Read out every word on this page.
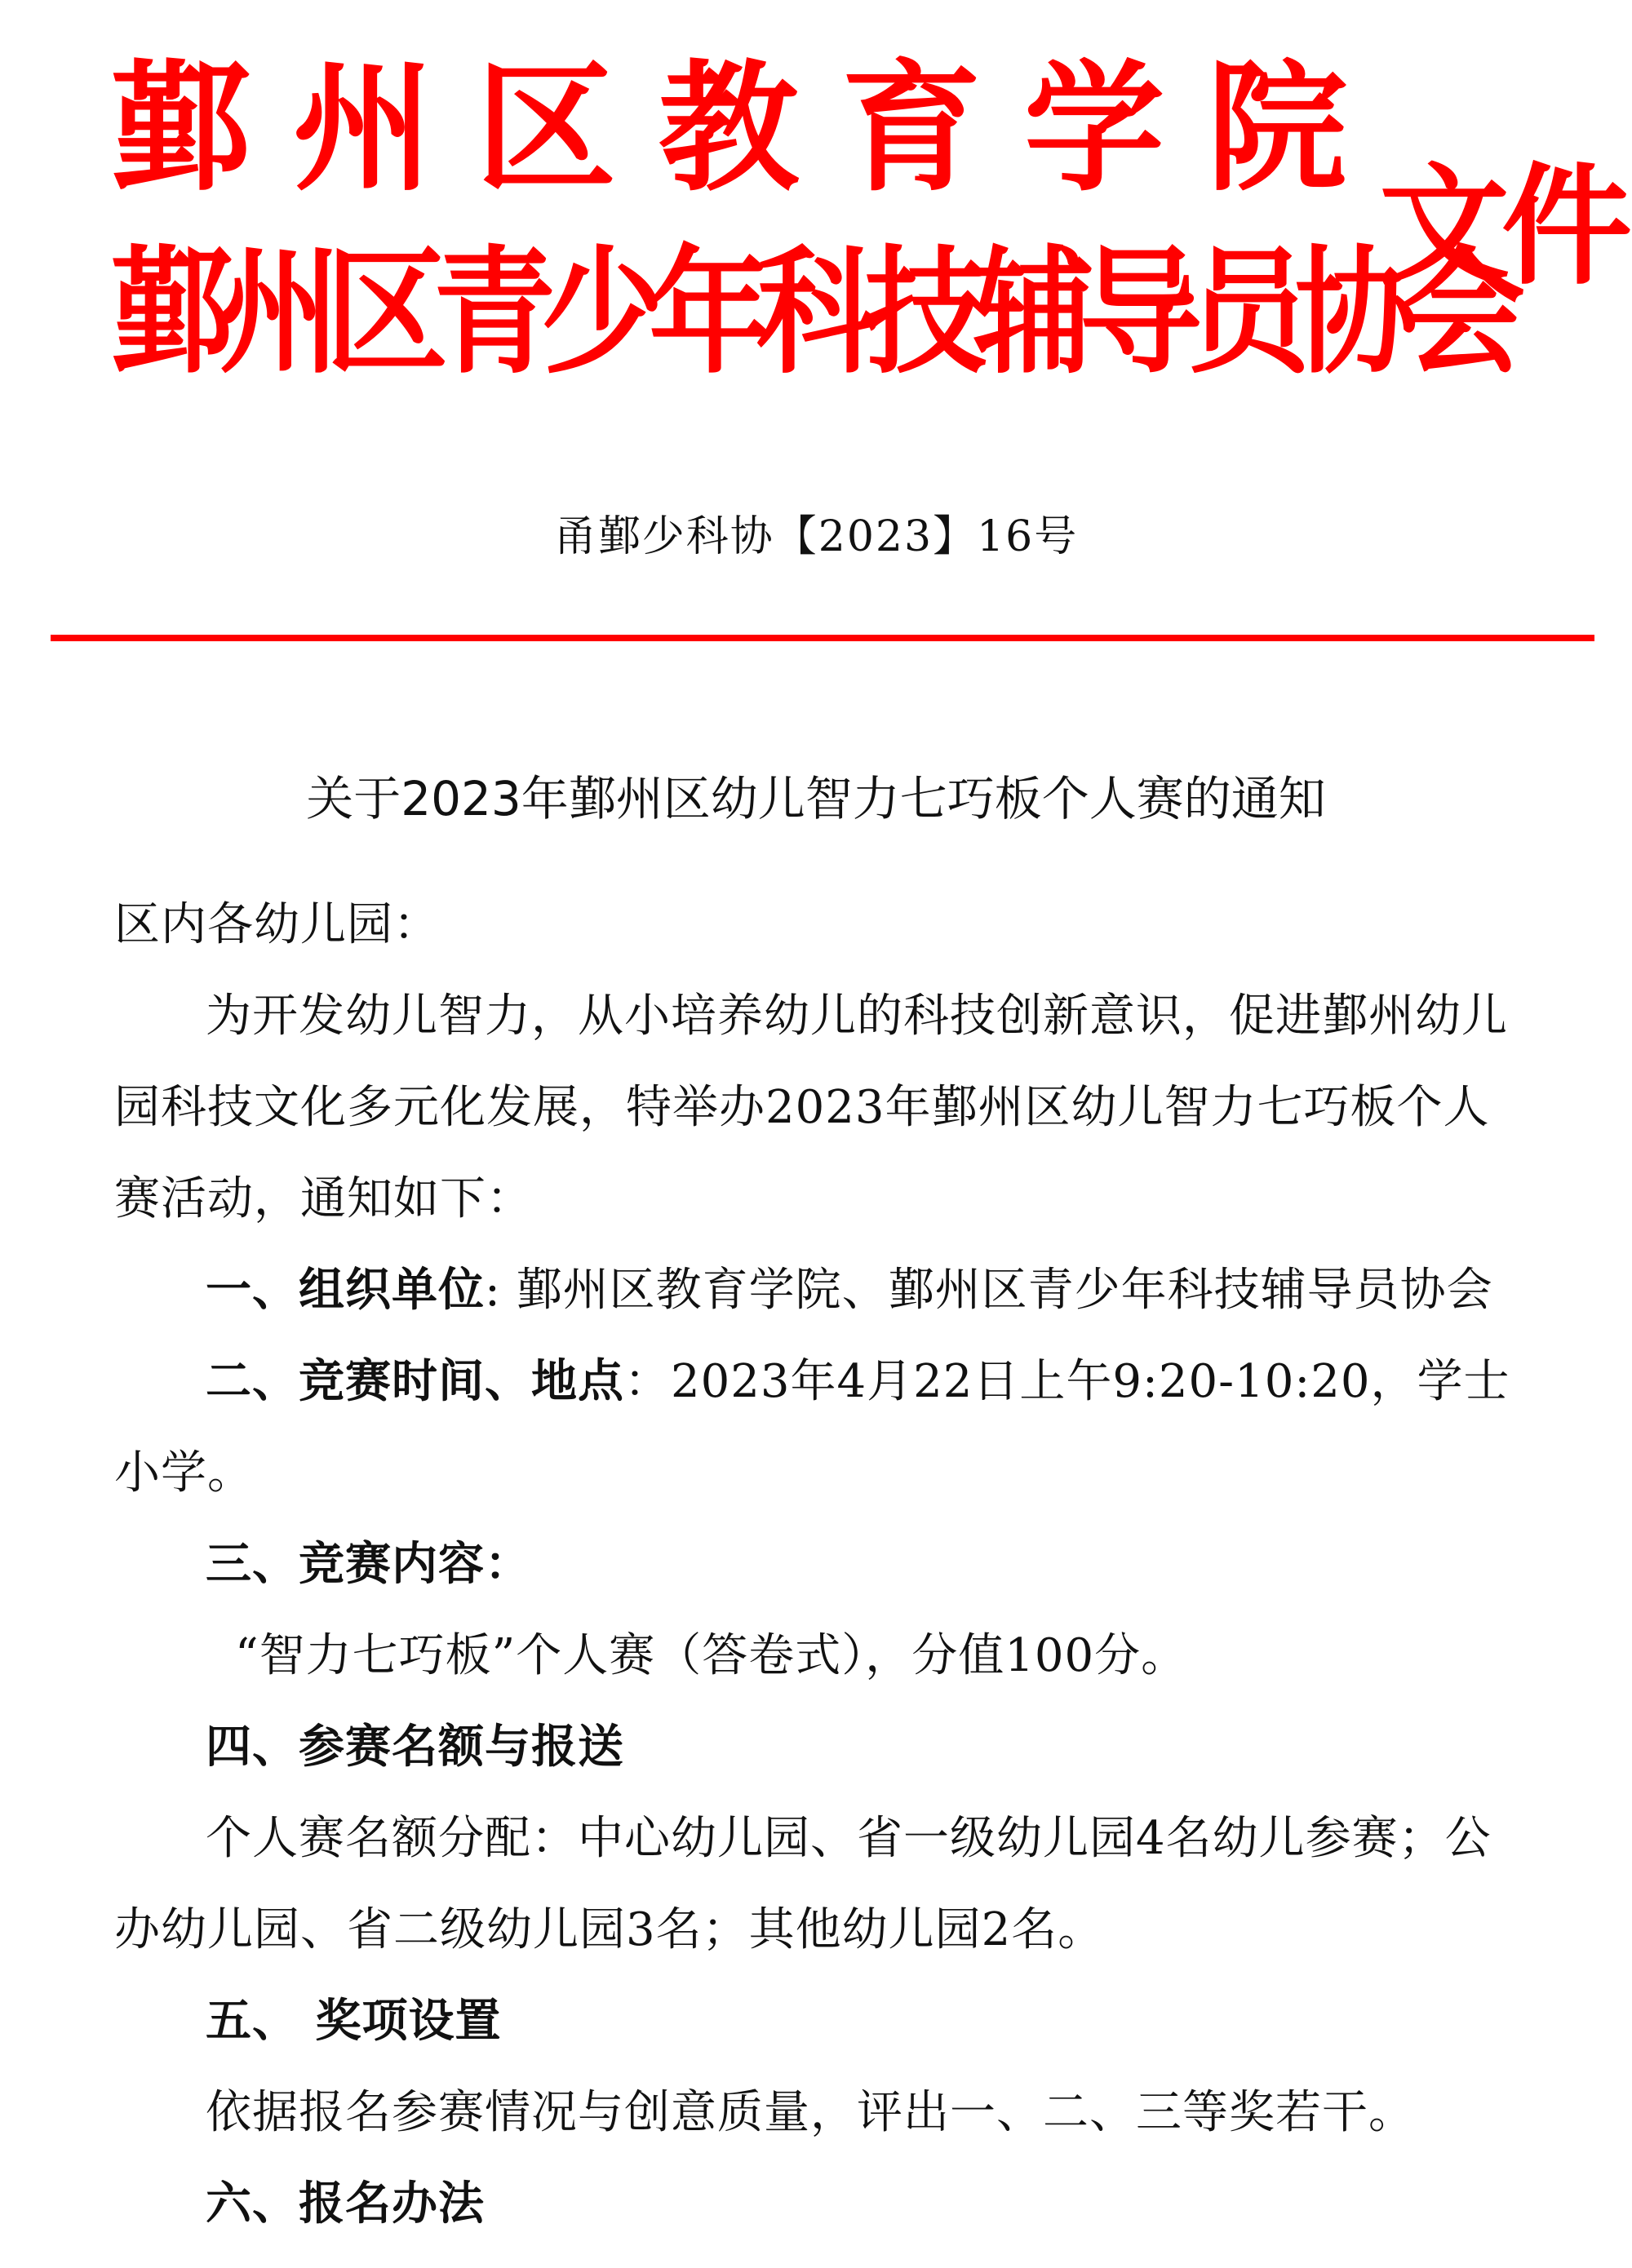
鄞州区教育学院
鄞州区青少年科技辅导员协会
文件
甬鄞少科协【2023】16号
关于2023年鄞州区幼儿智力七巧板个人赛的通知

区内各幼儿园：

为开发幼儿智力，从小培养幼儿的科技创新意识，促进鄞州幼儿园科技文化多元化发展，特举办2023年鄞州区幼儿智力七巧板个人赛活动，通知如下：

一、组织单位: 鄞州区教育学院、鄞州区青少年科技辅导员协会

二、竞赛时间、地点：2023年4月22日上午9:20-10:20，学士小学。

三、竞赛内容：

“智力七巧板”个人赛（答卷式），分值100分。

四、参赛名额与报送

个人赛名额分配：中心幼儿园、省一级幼儿园4名幼儿参赛；公办幼儿园、省二级幼儿园3名；其他幼儿园2名。

五、 奖项设置

依据报名参赛情况与创意质量，评出一、二、三等奖若干。

六、报名办法
